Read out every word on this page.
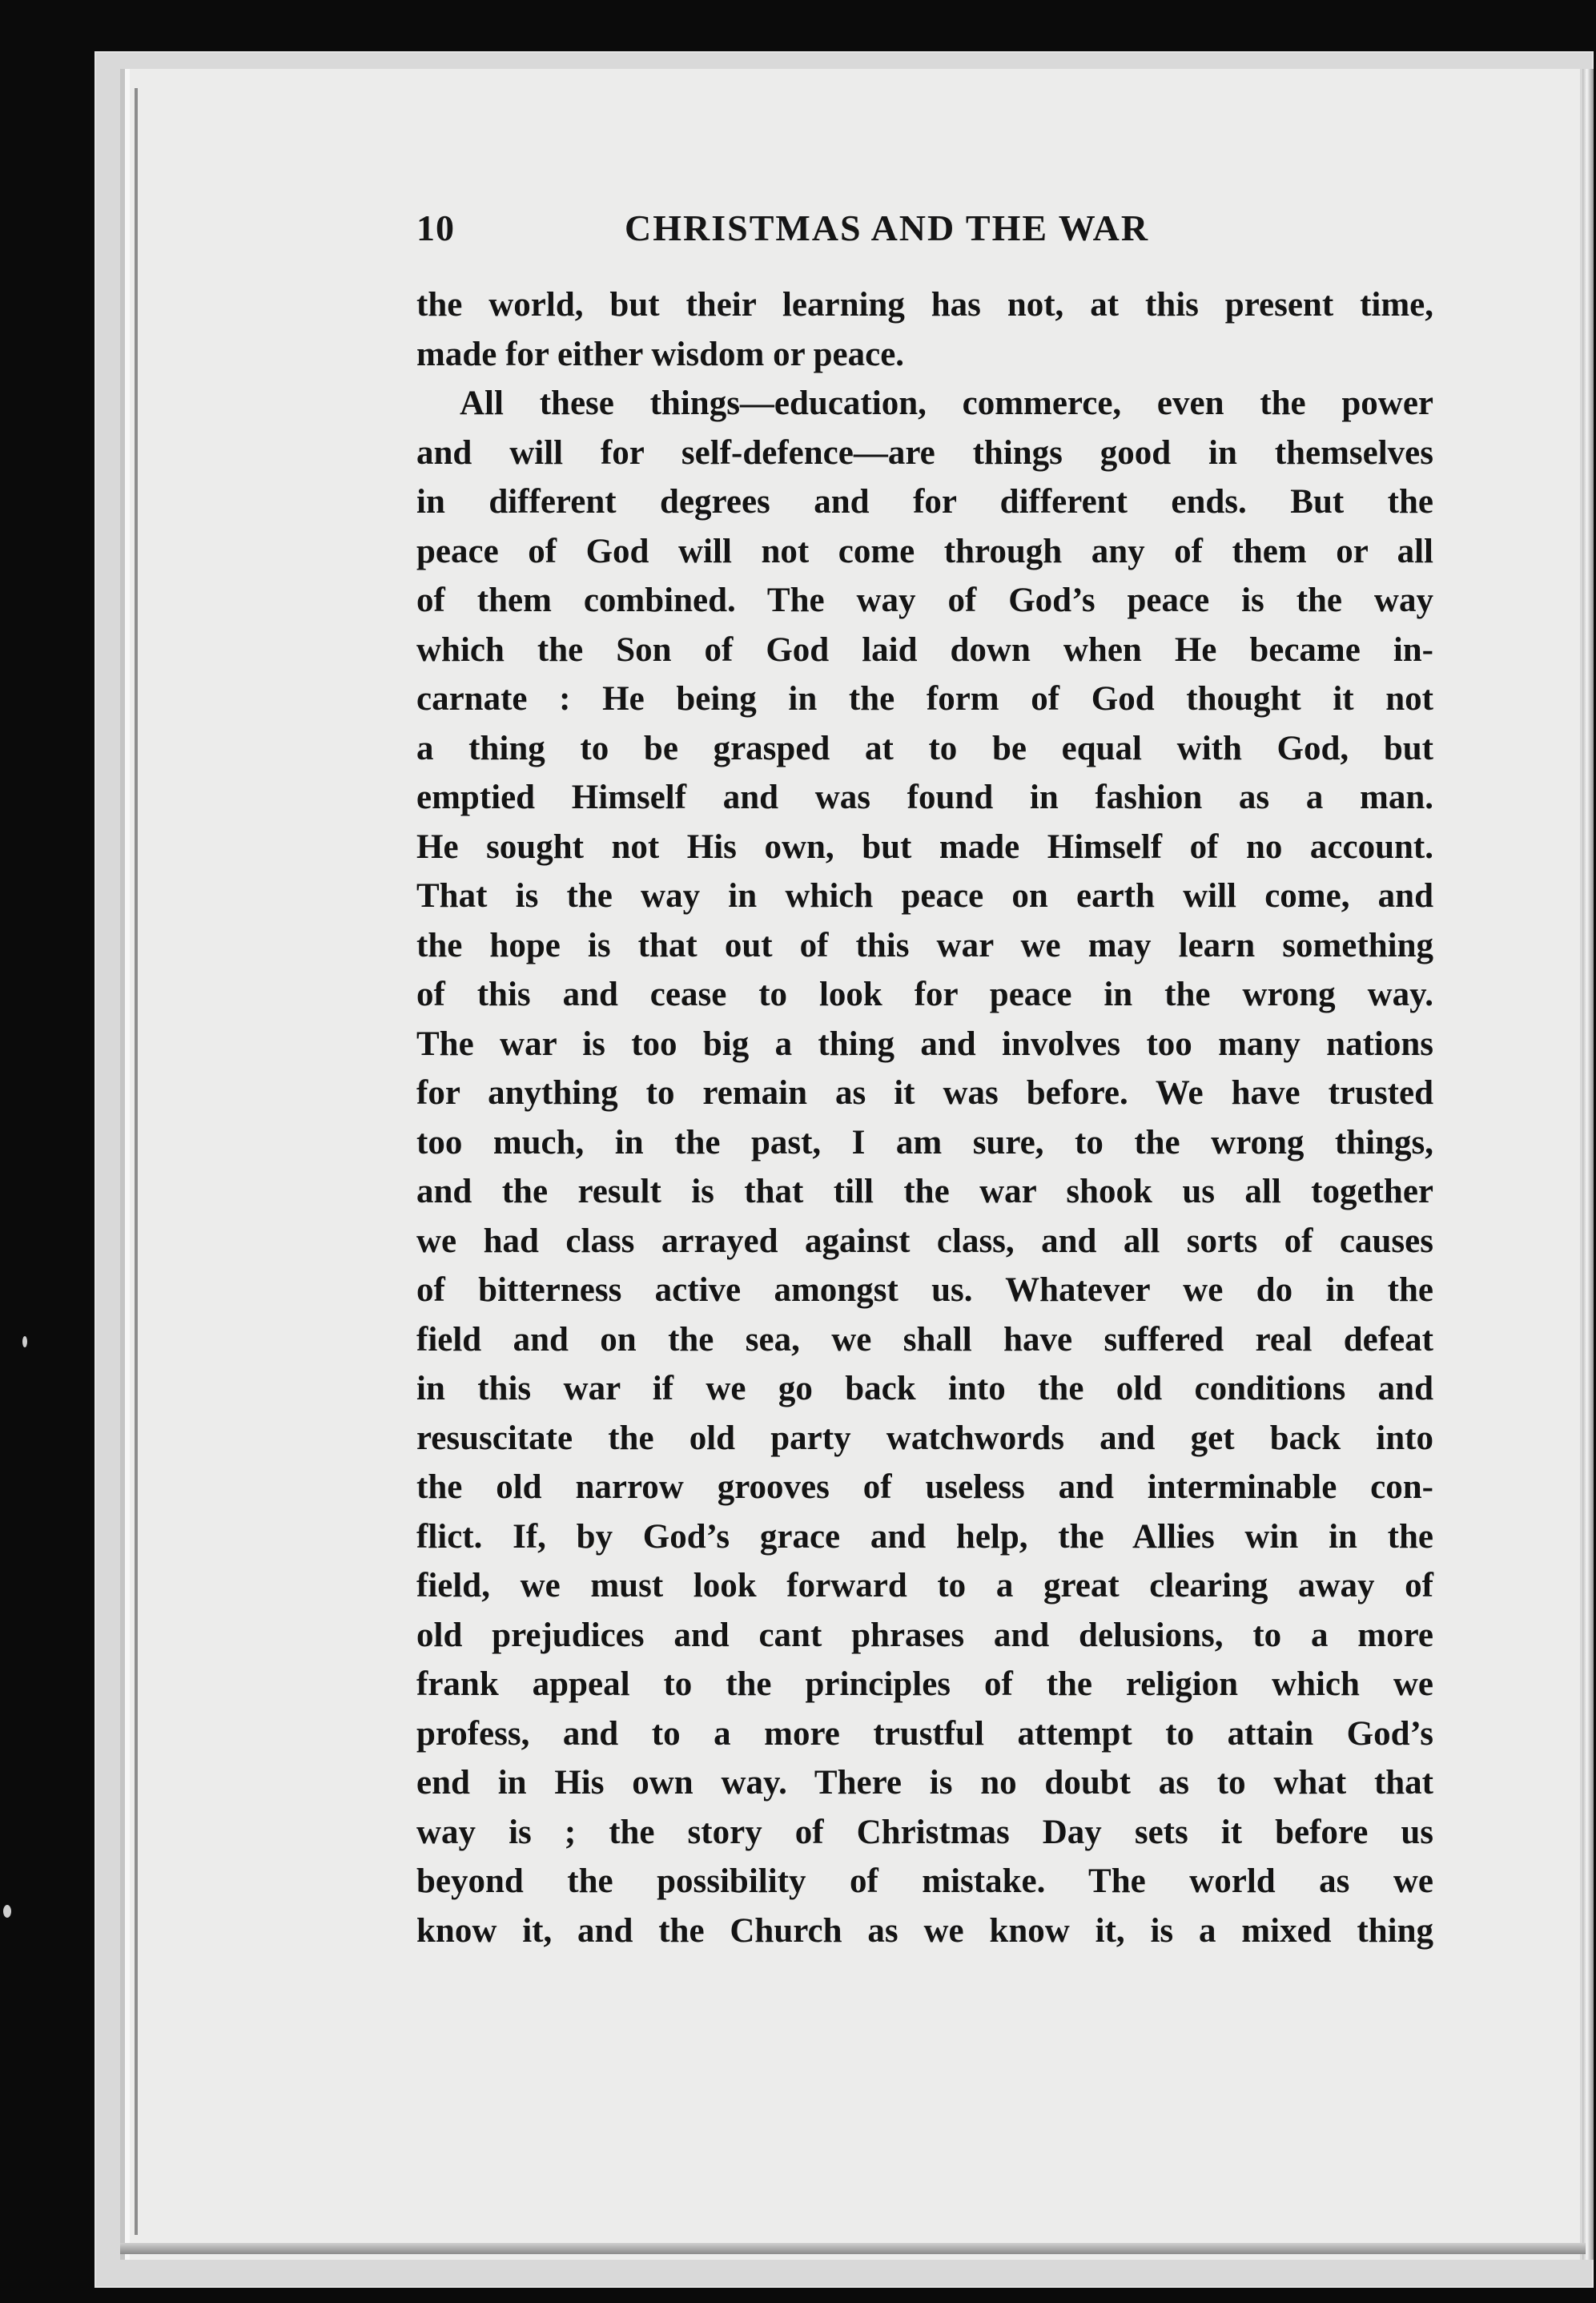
10	CHRISTMAS AND THE WAR
the world, but their learning has not, at this present time,
made for either wisdom or peace.
All these things—education, commerce, even the power
and will for self-defence—are things good in themselves
in different degrees and for different ends. But the
peace of God will not come through any of them or all
of them combined. The way of God’s peace is the way
which the Son of God laid down when He became in-
carnate : He being in the form of God thought it not
a thing to be grasped at to be equal with God, but
emptied Himself and was found in fashion as a man.
He sought not His own, but made Himself of no account.
That is the way in which peace on earth will come, and
the hope is that out of this war we may learn something
of this and cease to look for peace in the wrong way.
The war is too big a thing and involves too many nations
for anything to remain as it was before. We have trusted
too much, in the past, I am sure, to the wrong things,
and the result is that till the war shook us all together
we had class arrayed against class, and all sorts of causes
of bitterness active amongst us. Whatever we do in the
field and on the sea, we shall have suffered real defeat
in this war if we go back into the old conditions and
resuscitate the old party watchwords and get back into
the old narrow grooves of useless and interminable con-
flict. If, by God’s grace and help, the Allies win in the
field, we must look forward to a great clearing away of
old prejudices and cant phrases and delusions, to a more
frank appeal to the principles of the religion which we
profess, and to a more trustful attempt to attain God’s
end in His own way. There is no doubt as to what that
way is ; the story of Christmas Day sets it before us
beyond the possibility of mistake. The world as we
know it, and the Church as we know it, is a mixed thing
